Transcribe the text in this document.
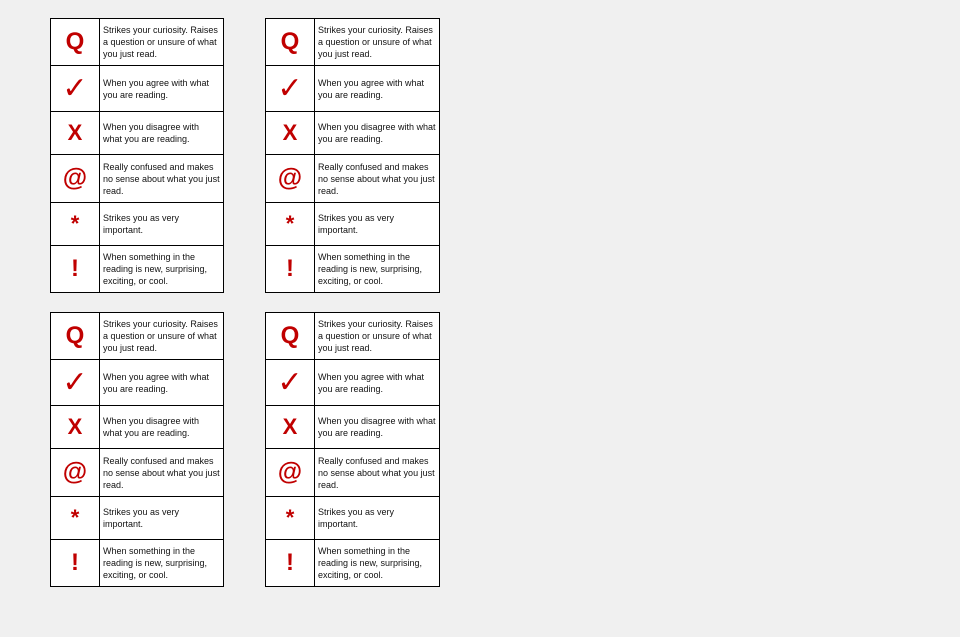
Q	Strikes your curiosity. Raises a question or unsure of what you just read.
✓	When you agree with what you are reading.
X	When you disagree with what you are reading.
@	Really confused and makes no sense about what you just read.
*	Strikes you as very important.
!	When something in the reading is new, surprising, exciting, or cool.
Q	Strikes your curiosity. Raises a question or unsure of what you just read.
✓	When you agree with what you are reading.
X	When you disagree with what you are reading.
@	Really confused and makes no sense about what you just read.
*	Strikes you as very important.
!	When something in the reading is new, surprising, exciting, or cool.
Q	Strikes your curiosity. Raises a question or unsure of what you just read.
✓	When you agree with what you are reading.
X	When you disagree with what you are reading.
@	Really confused and makes no sense about what you just read.
*	Strikes you as very important.
!	When something in the reading is new, surprising, exciting, or cool.
Q	Strikes your curiosity. Raises a question or unsure of what you just read.
✓	When you agree with what you are reading.
X	When you disagree with what you are reading.
@	Really confused and makes no sense about what you just read.
*	Strikes you as very important.
!	When something in the reading is new, surprising, exciting, or cool.
